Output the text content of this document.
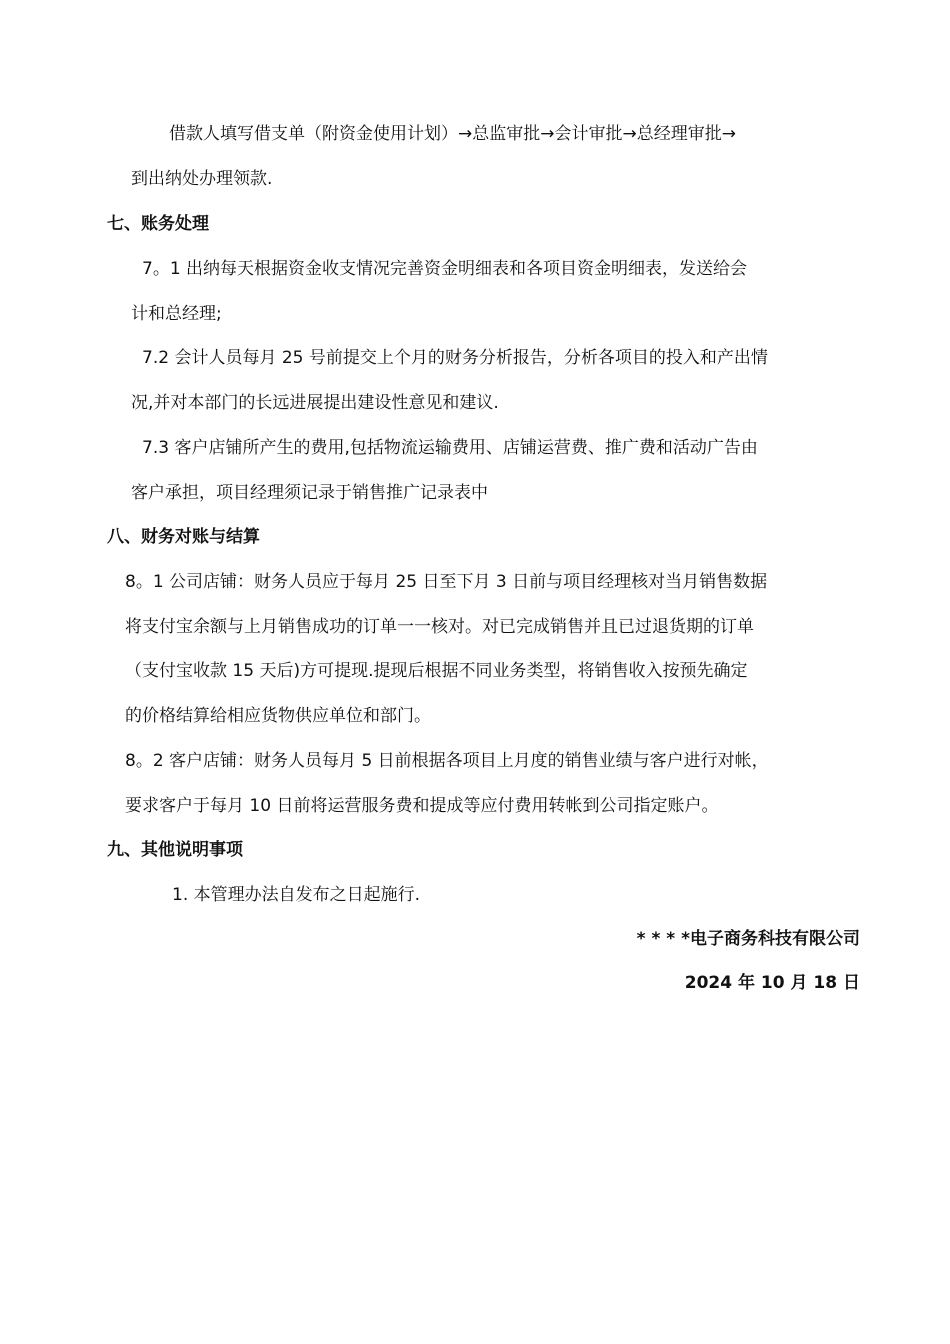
借款人填写借支单（附资金使用计划）→总监审批→会计审批→总经理审批→
到出纳处办理领款.
七、账务处理
7。1 出纳每天根据资金收支情况完善资金明细表和各项目资金明细表，发送给会
计和总经理;
7.2 会计人员每月 25 号前提交上个月的财务分析报告，分析各项目的投入和产出情
况,并对本部门的长远进展提出建设性意见和建议.
7.3 客户店铺所产生的费用,包括物流运输费用、店铺运营费、推广费和活动广告由
客户承担，项目经理须记录于销售推广记录表中
八、财务对账与结算
8。1 公司店铺：财务人员应于每月 25 日至下月 3 日前与项目经理核对当月销售数据
将支付宝余额与上月销售成功的订单一一核对。对已完成销售并且已过退货期的订单
（支付宝收款 15 天后)方可提现.提现后根据不同业务类型，将销售收入按预先确定
的价格结算给相应货物供应单位和部门。
8。2 客户店铺：财务人员每月 5 日前根据各项目上月度的销售业绩与客户进行对帐，
要求客户于每月 10 日前将运营服务费和提成等应付费用转帐到公司指定账户。
九、其他说明事项
1. 本管理办法自发布之日起施行.
* * * *电子商务科技有限公司
2024 年 10 月 18 日
